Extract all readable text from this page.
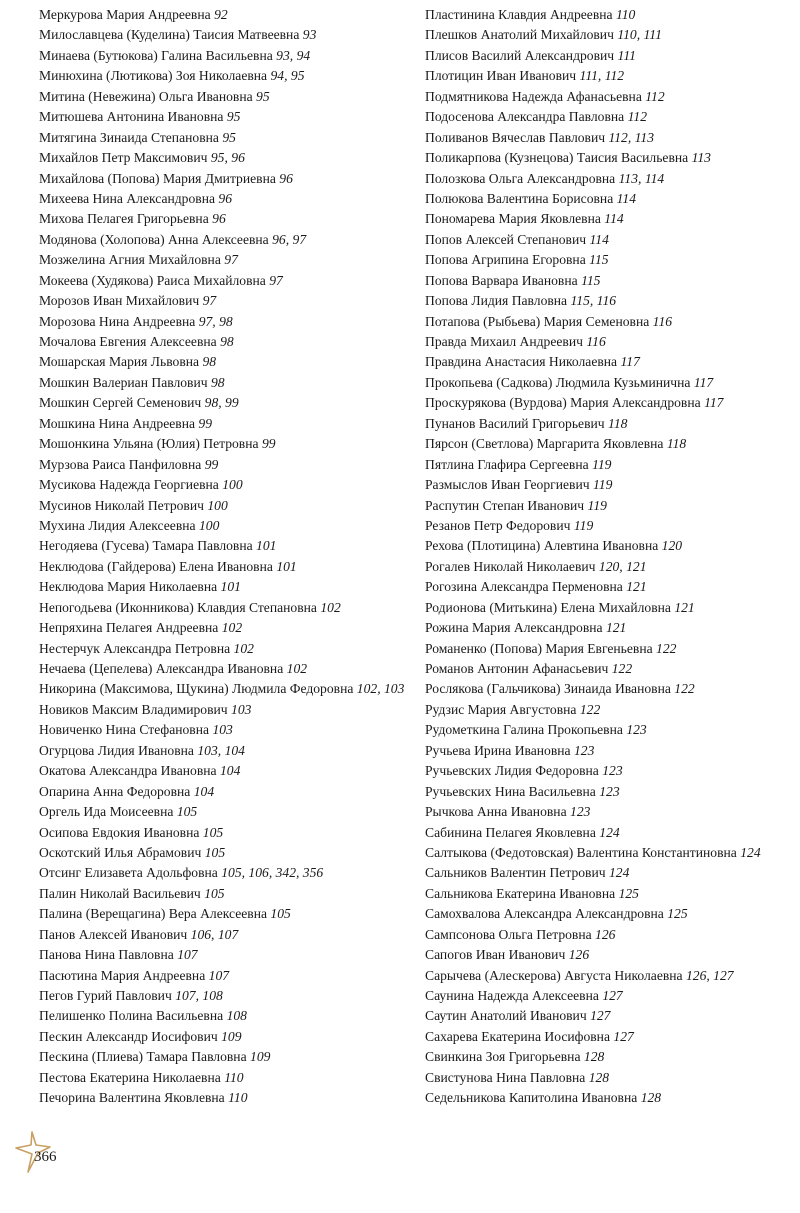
Меркурова Мария Андреевна 92
Милославцева (Куделина) Таисия Матвеевна 93
Минаева (Бутюкова) Галина Васильевна 93, 94
Минюхина (Лютикова) Зоя Николаевна 94, 95
Митина (Невежина) Ольга Ивановна 95
Митюшева Антонина Ивановна 95
Митягина Зинаида Степановна 95
Михайлов Петр Максимович 95, 96
Михайлова (Попова) Мария Дмитриевна 96
Михеева Нина Александровна 96
Михова Пелагея Григорьевна 96
Модянова (Холопова) Анна Алексеевна 96, 97
Мозжелина Агния Михайловна 97
Мокеева (Худякова) Раиса Михайловна 97
Морозов Иван Михайлович 97
Морозова Нина Андреевна 97, 98
Мочалова Евгения Алексеевна 98
Мошарская Мария Львовна 98
Мошкин Валериан Павлович 98
Мошкин Сергей Семенович 98, 99
Мошкина Нина Андреевна 99
Мошонкина Ульяна (Юлия) Петровна 99
Мурзова Раиса Панфиловна 99
Мусикова Надежда Георгиевна 100
Мусинов Николай Петрович 100
Мухина Лидия Алексеевна 100
Негодяева (Гусева) Тамара Павловна 101
Неклюдова (Гайдерова) Елена Ивановна 101
Неклюдова Мария Николаевна 101
Непогодьева (Иконникова) Клавдия Степановна 102
Непряхина Пелагея Андреевна 102
Нестерчук Александра Петровна 102
Нечаева (Цепелева) Александра Ивановна 102
Никорина (Максимова, Щукина) Людмила Федоровна 102, 103
Новиков Максим Владимирович 103
Новиченко Нина Стефановна 103
Огурцова Лидия Ивановна 103, 104
Окатова Александра Ивановна 104
Опарина Анна Федоровна 104
Оргель Ида Моисеевна 105
Осипова Евдокия Ивановна 105
Оскотский Илья Абрамович 105
Отсинг Елизавета Адольфовна 105, 106, 342, 356
Палин Николай Васильевич 105
Палина (Верещагина) Вера Алексеевна 105
Панов Алексей Иванович 106, 107
Панова Нина Павловна 107
Пасютина Мария Андреевна 107
Пегов Гурий Павлович 107, 108
Пелишенко Полина Васильевна 108
Пескин Александр Иосифович 109
Пескина (Плиева) Тамара Павловна 109
Пестова Екатерина Николаевна 110
Печорина Валентина Яковлевна 110
Пластинина Клавдия Андреевна 110
Плешков Анатолий Михайлович 110, 111
Плисов Василий Александрович 111
Плотицин Иван Иванович 111, 112
Подмятникова Надежда Афанасьевна 112
Подосенова Александра Павловна 112
Поливанов Вячеслав Павлович 112, 113
Поликарпова (Кузнецова) Таисия Васильевна 113
Полозкова Ольга Александровна 113, 114
Полюкова Валентина Борисовна 114
Пономарева Мария Яковлевна 114
Попов Алексей Степанович 114
Попова Агрипина Егоровна 115
Попова Варвара Ивановна 115
Попова Лидия Павловна 115, 116
Потапова (Рыбьева) Мария Семеновна 116
Правда Михаил Андреевич 116
Правдина Анастасия Николаевна 117
Прокопьева (Садкова) Людмила Кузьминична 117
Проскурякова (Вурдова) Мария Александровна 117
Пунанов Василий Григорьевич 118
Пярсон (Светлова) Маргарита Яковлевна 118
Пятлина Глафира Сергеевна 119
Размыслов Иван Георгиевич 119
Распутин Степан Иванович 119
Резанов Петр Федорович 119
Рехова (Плотицина) Алевтина Ивановна 120
Рогалев Николай Николаевич 120, 121
Рогозина Александра Перменовна 121
Родионова (Митькина) Елена Михайловна 121
Рожина Мария Александровна 121
Романенко (Попова) Мария Евгеньевна 122
Романов Антонин Афанасьевич 122
Рослякова (Гальчикова) Зинаида Ивановна 122
Рудзис Мария Августовна 122
Рудометкина Галина Прокопьевна 123
Ручьева Ирина Ивановна 123
Ручьевских Лидия Федоровна 123
Ручьевских Нина Васильевна 123
Рычкова Анна Ивановна 123
Сабинина Пелагея Яковлевна 124
Салтыкова (Федотовская) Валентина Константиновна 124
Сальников Валентин Петрович 124
Сальникова Екатерина Ивановна 125
Самохвалова Александра Александровна 125
Сампсонова Ольга Петровна 126
Сапогов Иван Иванович 126
Сарычева (Алескерова) Августа Николаевна 126, 127
Саунина Надежда Алексеевна 127
Саутин Анатолий Иванович 127
Сахарева Екатерина Иосифовна 127
Свинкина Зоя Григорьевна 128
Свистунова Нина Павловна 128
Седельникова Капитолина Ивановна 128
366
